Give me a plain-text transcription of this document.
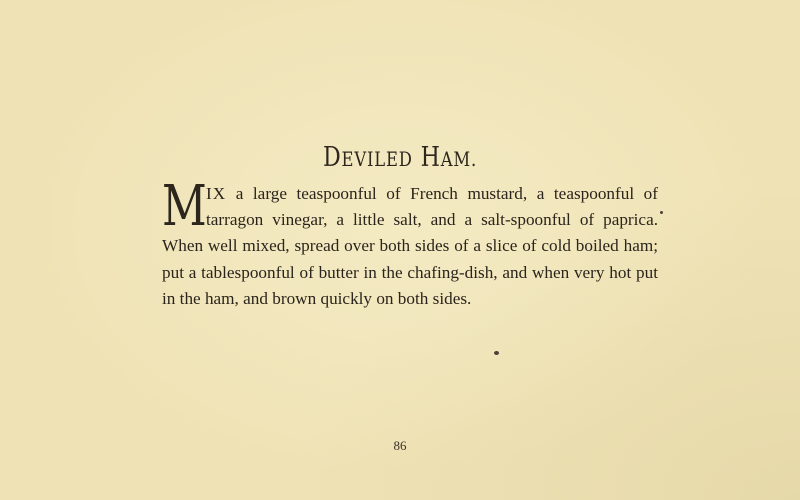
DEVILED HAM.
MIX a large teaspoonful of French mustard, a teaspoonful of tarragon vinegar, a little salt, and a salt-spoonful of paprica. When well mixed, spread over both sides of a slice of cold boiled ham; put a tablespoonful of butter in the chafing-dish, and when very hot put in the ham, and brown quickly on both sides.
86
